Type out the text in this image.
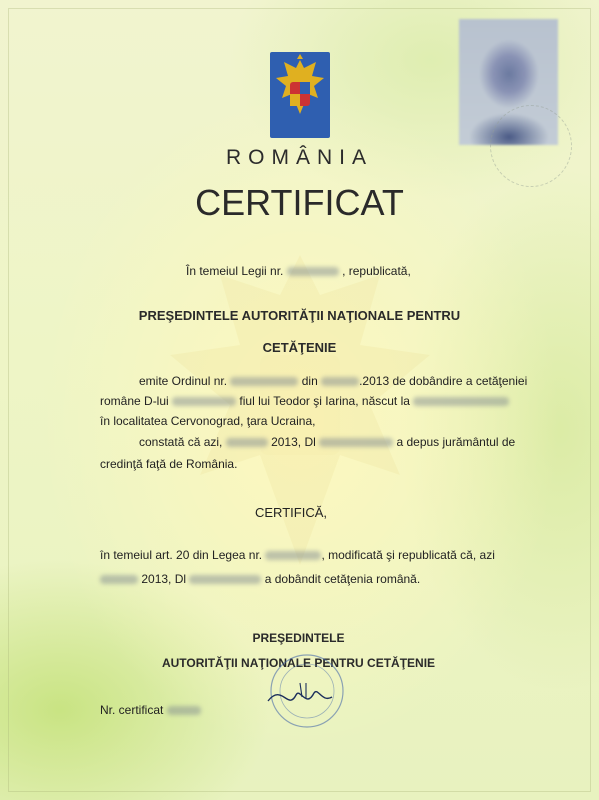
ROMÂNIA
CERTIFICAT
În temeiul Legii nr.	, republicată,
PREŞEDINTELE AUTORITĂŢII NAŢIONALE PENTRU
CETĂŢENIE
emite Ordinul nr.	din	.2013 de dobândire a cetăţeniei
române D-lui	fiul lui Teodor şi Iarina, născut la
în localitatea Cervonograd, ţara Ucraina,
constată că azi,	2013, Dl	a depus jurământul de
credinţă faţă de România.
CERTIFICĂ,
în temeiul art. 20 din Legea nr.	, modificată şi republicată că, azi
2013, Dl	a dobândit cetăţenia română.
PREŞEDINTELE
AUTORITĂŢII NAŢIONALE PENTRU CETĂŢENIE
Nr. certificat
